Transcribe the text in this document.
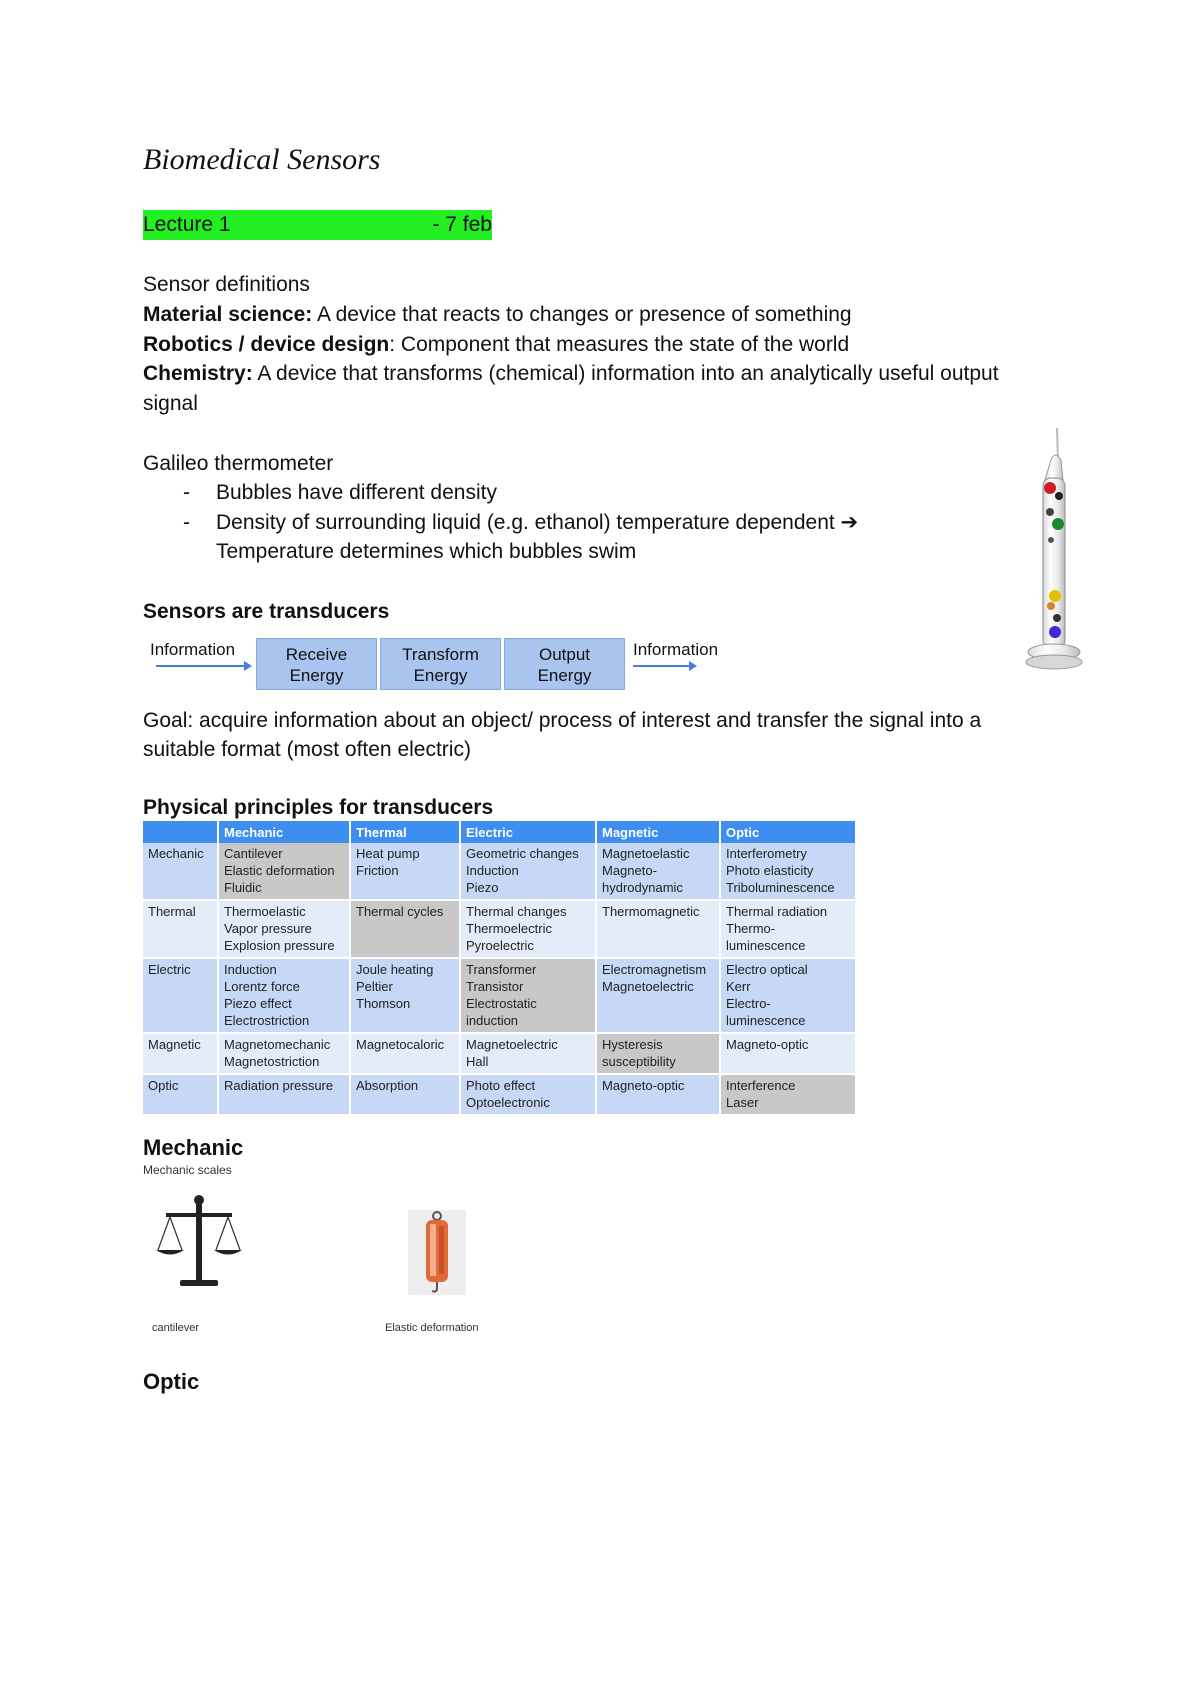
Biomedical Sensors
Lecture 1	- 7 feb
Sensor definitions
Material science: A device that reacts to changes or presence of something
Robotics / device design: Component that measures the state of the world
Chemistry: A device that transforms (chemical) information into an analytically useful output
signal
Galileo thermometer
- Bubbles have different density
- Density of surrounding liquid (e.g. ethanol) temperature dependent ➔
Temperature determines which bubbles swim
Sensors are transducers
Information	Receive
Energy
Transform
Energy
Output
Energy
Information
Goal: acquire information about an object/ process of interest and transfer the signal into a
suitable format (most often electric)
Physical principles for transducers
	Mechanic	Thermal	Electric	Magnetic	Optic
Mechanic	Cantilever
Elastic deformation
Fluidic	Heat pump
Friction	Geometric changes
Induction
Piezo	Magnetoelastic
Magneto-
hydrodynamic	Interferometry
Photo elasticity
Triboluminescence
Thermal	Thermoelastic
Vapor pressure
Explosion pressure	Thermal cycles	Thermal changes
Thermoelectric
Pyroelectric	Thermomagnetic	Thermal radiation
Thermo-
luminescence
Electric	Induction
Lorentz force
Piezo effect
Electrostriction	Joule heating
Peltier
Thomson	Transformer
Transistor
Electrostatic
induction	Electromagnetism
Magnetoelectric	Electro optical
Kerr
Electro-
luminescence
Magnetic	Magnetomechanic
Magnetostriction	Magnetocaloric	Magnetoelectric
Hall	Hysteresis
susceptibility	Magneto-optic
Optic	Radiation pressure	Absorption	Photo effect
Optoelectronic	Magneto-optic	Interference
Laser
Mechanic
Mechanic scales
cantilever	Elastic deformation
Optic
